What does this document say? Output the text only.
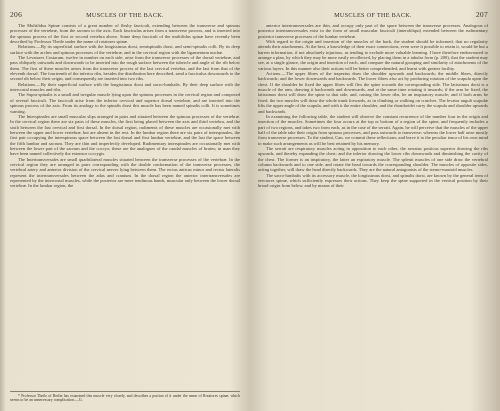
206	MUSCLES OF THE BACK.

The Multifidus Spinæ consists of a great number of fleshy fasciculi, extending between the transverse and spinous processes of the vertebræ, from the sacrum to the axis. Each fasciculus arises from a transverse process, and is inserted into the spinous process of the first or second vertebra above. Some deep fasciculi of the multifidus spinæ have recently been described by Professor Theile under the name of rotatores spinæ.

Relations.—By its superficial surface with the longissimus dorsi, semispinalis dorsi, and semi-spinalis colli. By its deep surface with the arches and spinous processes of the vertebræ, and in the cervical region with the ligamentum nuchæ.

The Levatores Costarum, twelve in number on each side, arise from the transverse processes of the dorsal vertebræ, and pass obliquely outwards and downwards to be inserted into the rough surface between the tubercle and angle of the rib below them. The first of these muscles arises from the transverse process of the last cervical vertebra, and the last from that of the eleventh dorsal. The fourteenth of the inferior ribs, besides the distribution here described, send a fasciculus downwards to the second rib below their origin, and consequently are inserted into two ribs.

Relations.—By their superficial surface with the longissimus dorsi and sacro-lumbalis. By their deep surface with the intercostal muscles and ribs.

The Supra-spinalis is a small and irregular muscle lying upon the spinous processes in the cervical region and composed of several fasciculi. The fasciculi arise from the inferior cervical and superior dorsal vertebræ, and are inserted into the spinous process of the axis. From its analogy to the spinalis dorsi this muscle has been named spinalis colli. It is sometimes wanting.

The Interspinales are small muscular slips arranged in pairs and situated between the spinous processes of the vertebræ. In the cervical region there are six pairs of these muscles, the first being placed between the axis and third vertebra, and the sixth between the last cervical and first dorsal. In the dorsal region, rudiments of these muscles are occasionally met with between the upper and lower vertebræ, but are absent in the rest. In the lumbar region there are six pairs of interspinales, the first pair occupying the interspinous space between the last dorsal and first lumbar vertebræ, and the last the space between the fifth lumbar and sacrum. They are thin and imperfectly developed. Rudimentary interspinales are occasionally met with between the lower part of the sacrum and the coccyx; these are the analogues of the caudal muscles of brutes; in man they have been named collectively the extensor coccygis.

The Intertransversales are small quadrilateral muscles situated between the transverse processes of the vertebræ. In the cervical region they are arranged in pairs corresponding with the double conformation of the transverse processes, the vertebral artery and anterior division of the cervical nerves lying between them. The rectus anticus minor and rectus lateralis represent the intertransversales between the atlas and cranium. In the dorsal region the anterior intertransversales are represented by the intercostal muscles, while the posterior are mere tendinous bands, muscular only between the lower dorsal vertebræ. In the lumbar region, the

* Professor Theile of Berlin has examined this muscle very closely, and describes a portion of it under the name of Rotatores spinæ, which seems to be an unnecessary complication.—G.

MUSCLES OF THE BACK.	207

anterior intertransversales are thin, and occupy only part of the space between the transverse processes. Analogous of posterior intertransversales exist in the form of small muscular fasciculi (interobliqui) extended between the rudimentary posterior transverse processes of the lumbar vertebræ.

With regard to the origin and insertion of the muscles of the back, the student should be informed, that no regularity attends their attachments. At the best, a knowledge of their exact connections, even were it possible to retain it, would be but a barren information, if not absolutely injurious, as tending to exclude more valuable learning. I have therefore endeavoured to arrange a plan, by which they may be more easily recollected, by placing them in a tabular form (p. 200), that the student may see, at a single glance, the origin and insertion of each, and compare the natural grouping and similarity of attachments of the various layers. In this manner also their actions will be better comprehended, and learnt with greater facility.

Actions.—The upper fibres of the trapezius draw the shoulder upwards and backwards; the middle fibres, directly backwards; and the lower downwards and backwards. The lower fibres also act by producing rotation of the scapula upon the chest. If the shoulder be fixed the upper fibres will flex the spine towards the corresponding side. The latissimus dorsi is a muscle of the arm, drawing it backwards and downwards, and at the same time rotating it inwards; if the arm be fixed, the latissimus dorsi will draw the spine to that side, and, raising the lower ribs, be an inspiratory muscle; and if both arms be fixed, the two muscles will draw the whole trunk forwards, as in climbing or walking on crutches. The levator anguli scapulæ lifts the upper angle of the scapula, and with it the entire shoulder, and the rhomboidei carry the scapula and shoulder upwards and backwards.

In examining the following table, the student will observe the constant recurrence of the number four in the origin and insertion of the muscles. Sometimes the four occurs at the top or bottom of a region of the spine, and frequently includes a part of two regions, and takes two from each, as in the case of the serrati. Again, he will perceive that the muscles of the upper half of the table take their origin from spinous processes, and pass outwards to transverse; whereas the lower half arise mostly from transverse processes. To the student, Can, we commit these reflections; and leave it to the peculiar tenor of his own mind to make such arrangements as will be best retained by his memory.

The serrati are respiratory muscles acting in opposition to each other, the serratus posticus superior drawing the ribs upwards, and thereby expanding the chest; and the inferior drawing the lower ribs downwards and diminishing the cavity of the chest. The former is an inspiratory, the latter an expiratory muscle. The splenii muscles of one side draw the vertebral column backwards and to one side, and rotate the head towards the corresponding shoulder. The muscles of opposite sides, acting together, will draw the head directly backwards. They are the natural antagonists of the sterno-mastoid muscles.

The sacro-lumbalis with its accessory muscle, the longissimus dorsi, and spinalis dorsi, are known by the general term of erectores spinæ, which sufficiently expresses their actions. They keep the spine supported in the vertical position by their broad origin from below, and by means of their
